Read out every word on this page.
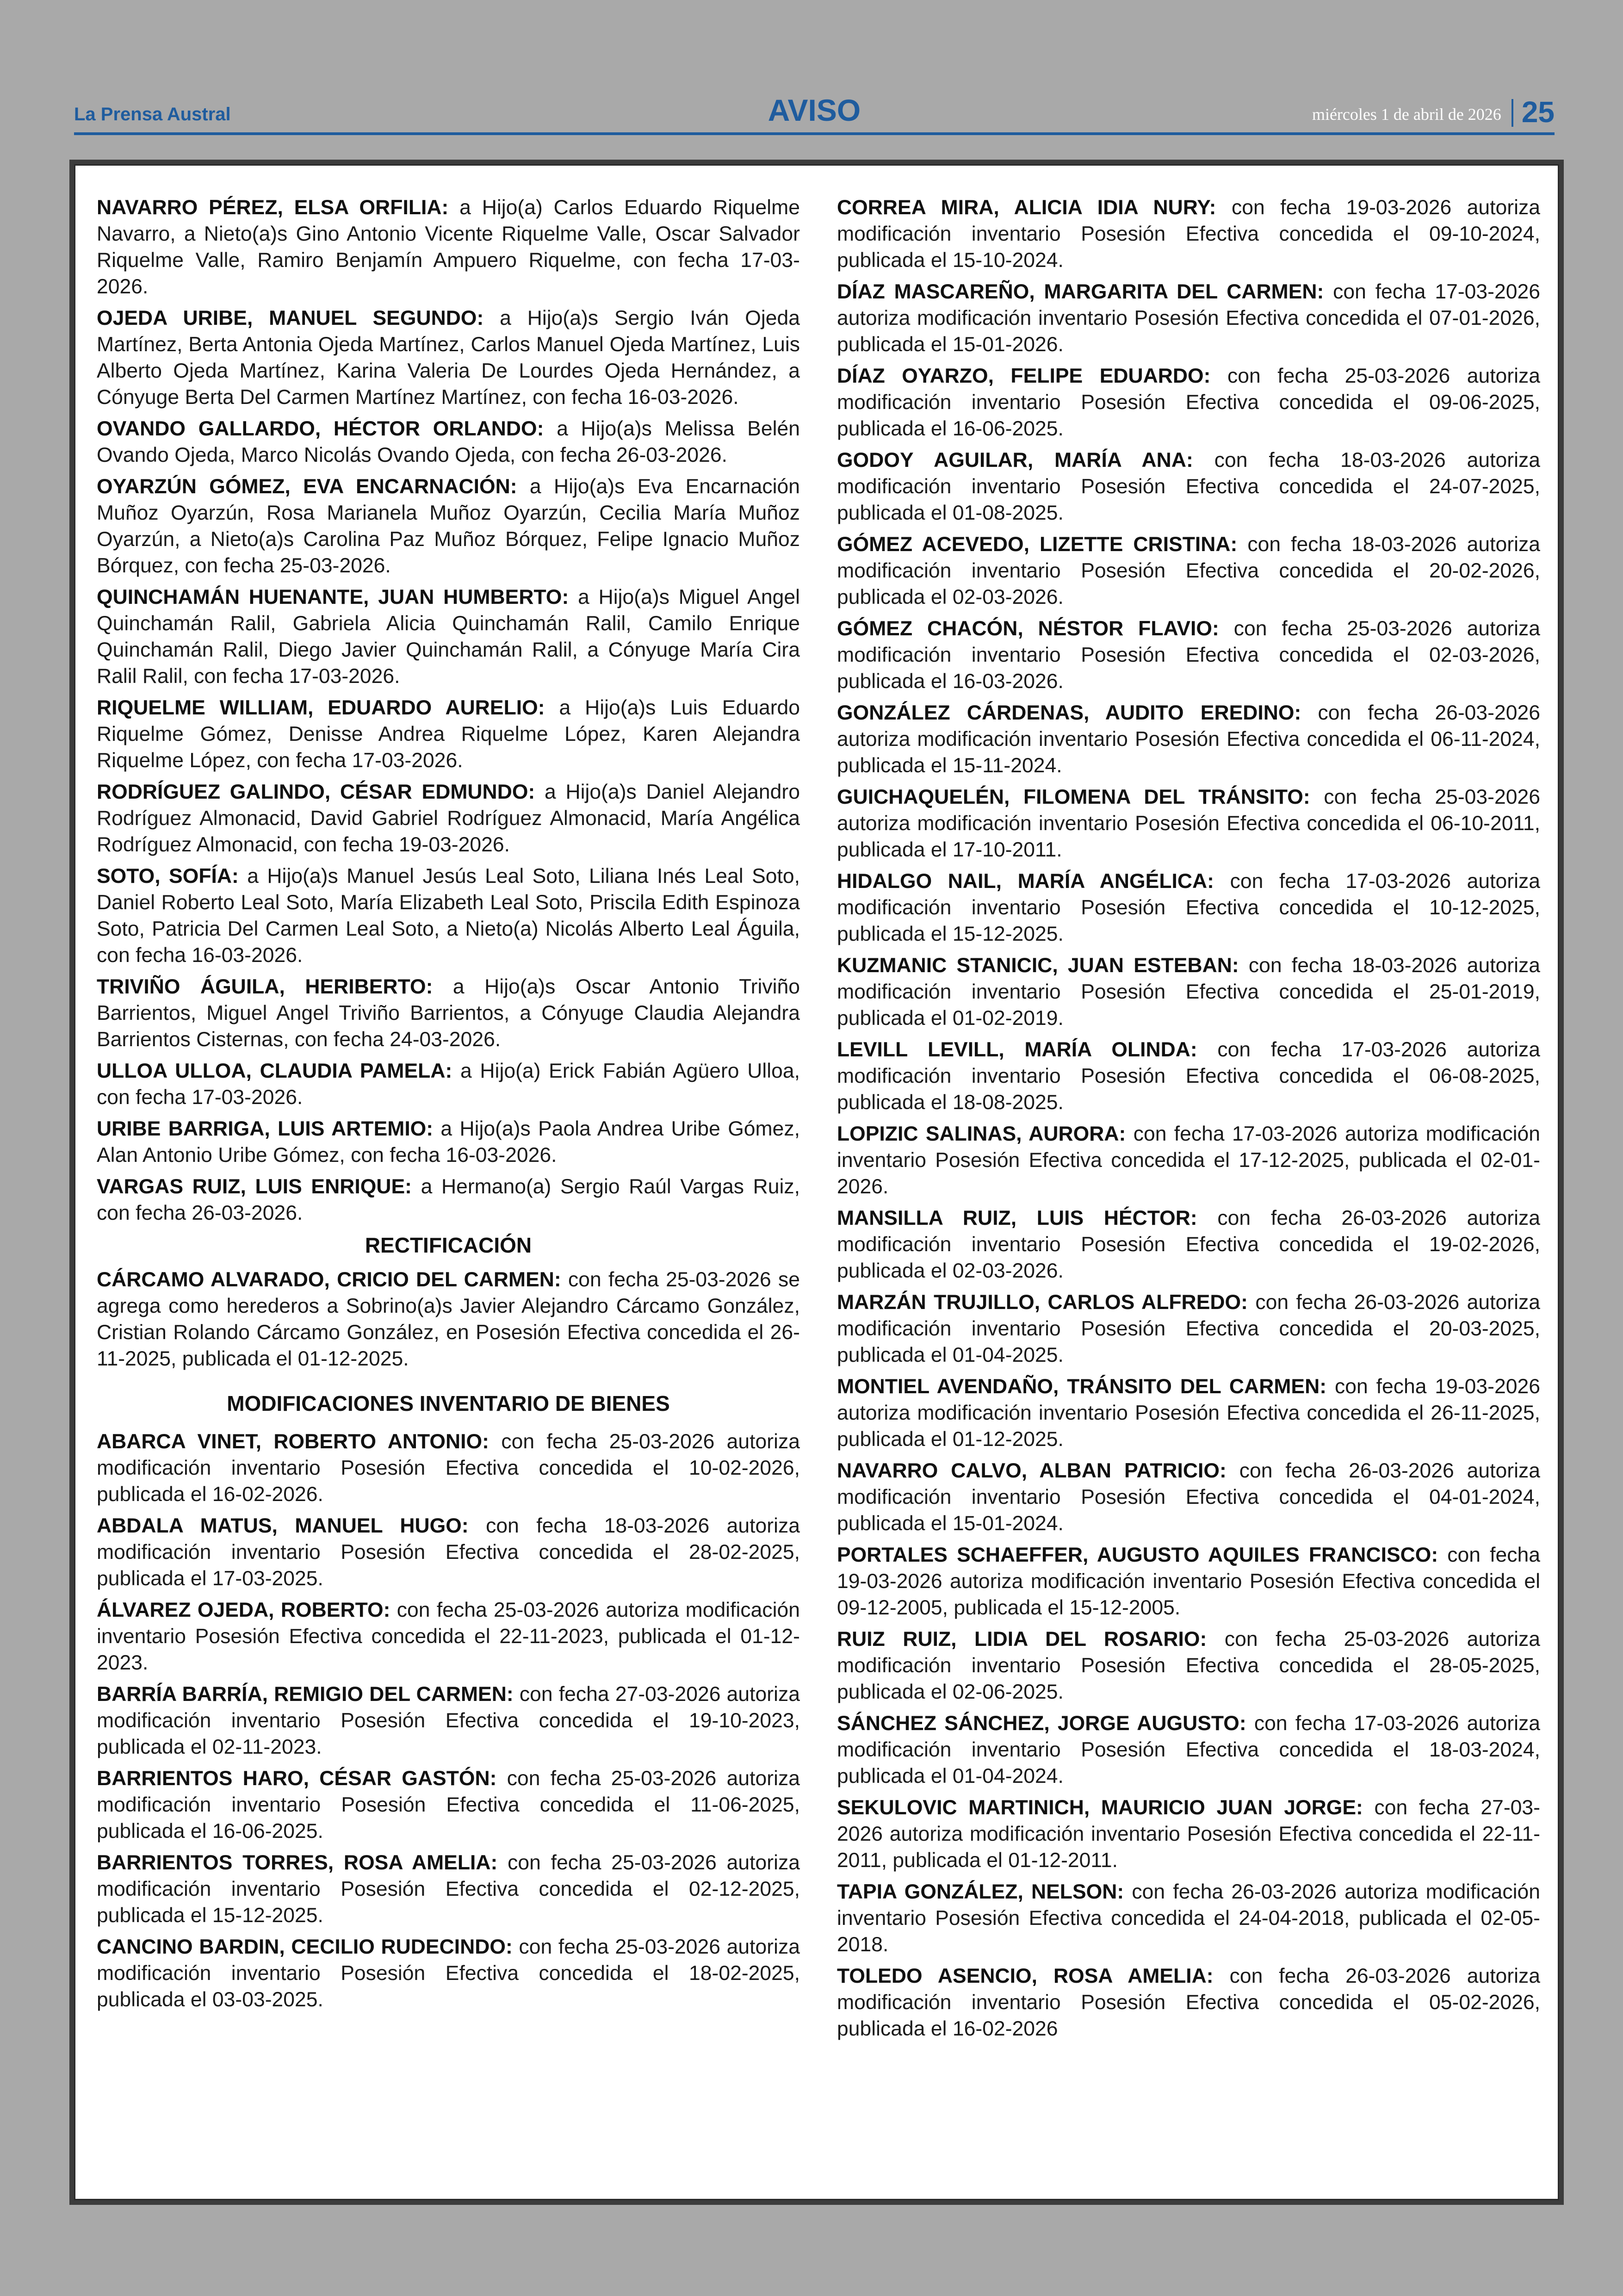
La Prensa Austral	AVISO	miércoles 1 de abril de 2026 25

NAVARRO PÉREZ, ELSA ORFILIA: a Hijo(a) Carlos Eduardo Riquelme Navarro, a Nieto(a)s Gino Antonio Vicente Riquelme Valle, Oscar Salvador Riquelme Valle, Ramiro Benjamín Ampuero Riquelme, con fecha 17-03-2026.

OJEDA URIBE, MANUEL SEGUNDO: a Hijo(a)s Sergio Iván Ojeda Martínez, Berta Antonia Ojeda Martínez, Carlos Manuel Ojeda Martínez, Luis Alberto Ojeda Martínez, Karina Valeria De Lourdes Ojeda Hernández, a Cónyuge Berta Del Carmen Martínez Martínez, con fecha 16-03-2026.

OVANDO GALLARDO, HÉCTOR ORLANDO: a Hijo(a)s Melissa Belén Ovando Ojeda, Marco Nicolás Ovando Ojeda, con fecha 26-03-2026.

OYARZÚN GÓMEZ, EVA ENCARNACIÓN: a Hijo(a)s Eva Encarnación Muñoz Oyarzún, Rosa Marianela Muñoz Oyarzún, Cecilia María Muñoz Oyarzún, a Nieto(a)s Carolina Paz Muñoz Bórquez, Felipe Ignacio Muñoz Bórquez, con fecha 25-03-2026.

QUINCHAMÁN HUENANTE, JUAN HUMBERTO: a Hijo(a)s Miguel Angel Quinchamán Ralil, Gabriela Alicia Quinchamán Ralil, Camilo Enrique Quinchamán Ralil, Diego Javier Quinchamán Ralil, a Cónyuge María Cira Ralil Ralil, con fecha 17-03-2026.

RIQUELME WILLIAM, EDUARDO AURELIO: a Hijo(a)s Luis Eduardo Riquelme Gómez, Denisse Andrea Riquelme López, Karen Alejandra Riquelme López, con fecha 17-03-2026.

RODRÍGUEZ GALINDO, CÉSAR EDMUNDO: a Hijo(a)s Daniel Alejandro Rodríguez Almonacid, David Gabriel Rodríguez Almonacid, María Angélica Rodríguez Almonacid, con fecha 19-03-2026.

SOTO, SOFÍA: a Hijo(a)s Manuel Jesús Leal Soto, Liliana Inés Leal Soto, Daniel Roberto Leal Soto, María Elizabeth Leal Soto, Priscila Edith Espinoza Soto, Patricia Del Carmen Leal Soto, a Nieto(a) Nicolás Alberto Leal Águila, con fecha 16-03-2026.

TRIVIÑO ÁGUILA, HERIBERTO: a Hijo(a)s Oscar Antonio Triviño Barrientos, Miguel Angel Triviño Barrientos, a Cónyuge Claudia Alejandra Barrientos Cisternas, con fecha 24-03-2026.

ULLOA ULLOA, CLAUDIA PAMELA: a Hijo(a) Erick Fabián Agüero Ulloa, con fecha 17-03-2026.

URIBE BARRIGA, LUIS ARTEMIO: a Hijo(a)s Paola Andrea Uribe Gómez, Alan Antonio Uribe Gómez, con fecha 16-03-2026.

VARGAS RUIZ, LUIS ENRIQUE: a Hermano(a) Sergio Raúl Vargas Ruiz, con fecha 26-03-2026.

RECTIFICACIÓN

CÁRCAMO ALVARADO, CRICIO DEL CARMEN: con fecha 25-03-2026 se agrega como herederos a Sobrino(a)s Javier Alejandro Cárcamo González, Cristian Rolando Cárcamo González, en Posesión Efectiva concedida el 26-11-2025, publicada el 01-12-2025.

MODIFICACIONES INVENTARIO DE BIENES

ABARCA VINET, ROBERTO ANTONIO: con fecha 25-03-2026 autoriza modificación inventario Posesión Efectiva concedida el 10-02-2026, publicada el 16-02-2026.

ABDALA MATUS, MANUEL HUGO: con fecha 18-03-2026 autoriza modificación inventario Posesión Efectiva concedida el 28-02-2025, publicada el 17-03-2025.

ÁLVAREZ OJEDA, ROBERTO: con fecha 25-03-2026 autoriza modificación inventario Posesión Efectiva concedida el 22-11-2023, publicada el 01-12-2023.

BARRÍA BARRÍA, REMIGIO DEL CARMEN: con fecha 27-03-2026 autoriza modificación inventario Posesión Efectiva concedida el 19-10-2023, publicada el 02-11-2023.

BARRIENTOS HARO, CÉSAR GASTÓN: con fecha 25-03-2026 autoriza modificación inventario Posesión Efectiva concedida el 11-06-2025, publicada el 16-06-2025.

BARRIENTOS TORRES, ROSA AMELIA: con fecha 25-03-2026 autoriza modificación inventario Posesión Efectiva concedida el 02-12-2025, publicada el 15-12-2025.

CANCINO BARDIN, CECILIO RUDECINDO: con fecha 25-03-2026 autoriza modificación inventario Posesión Efectiva concedida el 18-02-2025, publicada el 03-03-2025.

CORREA MIRA, ALICIA IDIA NURY: con fecha 19-03-2026 autoriza modificación inventario Posesión Efectiva concedida el 09-10-2024, publicada el 15-10-2024.

DÍAZ MASCAREÑO, MARGARITA DEL CARMEN: con fecha 17-03-2026 autoriza modificación inventario Posesión Efectiva concedida el 07-01-2026, publicada el 15-01-2026.

DÍAZ OYARZO, FELIPE EDUARDO: con fecha 25-03-2026 autoriza modificación inventario Posesión Efectiva concedida el 09-06-2025, publicada el 16-06-2025.

GODOY AGUILAR, MARÍA ANA: con fecha 18-03-2026 autoriza modificación inventario Posesión Efectiva concedida el 24-07-2025, publicada el 01-08-2025.

GÓMEZ ACEVEDO, LIZETTE CRISTINA: con fecha 18-03-2026 autoriza modificación inventario Posesión Efectiva concedida el 20-02-2026, publicada el 02-03-2026.

GÓMEZ CHACÓN, NÉSTOR FLAVIO: con fecha 25-03-2026 autoriza modificación inventario Posesión Efectiva concedida el 02-03-2026, publicada el 16-03-2026.

GONZÁLEZ CÁRDENAS, AUDITO EREDINO: con fecha 26-03-2026 autoriza modificación inventario Posesión Efectiva concedida el 06-11-2024, publicada el 15-11-2024.

GUICHAQUELÉN, FILOMENA DEL TRÁNSITO: con fecha 25-03-2026 autoriza modificación inventario Posesión Efectiva concedida el 06-10-2011, publicada el 17-10-2011.

HIDALGO NAIL, MARÍA ANGÉLICA: con fecha 17-03-2026 autoriza modificación inventario Posesión Efectiva concedida el 10-12-2025, publicada el 15-12-2025.

KUZMANIC STANICIC, JUAN ESTEBAN: con fecha 18-03-2026 autoriza modificación inventario Posesión Efectiva concedida el 25-01-2019, publicada el 01-02-2019.

LEVILL LEVILL, MARÍA OLINDA: con fecha 17-03-2026 autoriza modificación inventario Posesión Efectiva concedida el 06-08-2025, publicada el 18-08-2025.

LOPIZIC SALINAS, AURORA: con fecha 17-03-2026 autoriza modificación inventario Posesión Efectiva concedida el 17-12-2025, publicada el 02-01-2026.

MANSILLA RUIZ, LUIS HÉCTOR: con fecha 26-03-2026 autoriza modificación inventario Posesión Efectiva concedida el 19-02-2026, publicada el 02-03-2026.

MARZÁN TRUJILLO, CARLOS ALFREDO: con fecha 26-03-2026 autoriza modificación inventario Posesión Efectiva concedida el 20-03-2025, publicada el 01-04-2025.

MONTIEL AVENDAÑO, TRÁNSITO DEL CARMEN: con fecha 19-03-2026 autoriza modificación inventario Posesión Efectiva concedida el 26-11-2025, publicada el 01-12-2025.

NAVARRO CALVO, ALBAN PATRICIO: con fecha 26-03-2026 autoriza modificación inventario Posesión Efectiva concedida el 04-01-2024, publicada el 15-01-2024.

PORTALES SCHAEFFER, AUGUSTO AQUILES FRANCISCO: con fecha 19-03-2026 autoriza modificación inventario Posesión Efectiva concedida el 09-12-2005, publicada el 15-12-2005.

RUIZ RUIZ, LIDIA DEL ROSARIO: con fecha 25-03-2026 autoriza modificación inventario Posesión Efectiva concedida el 28-05-2025, publicada el 02-06-2025.

SÁNCHEZ SÁNCHEZ, JORGE AUGUSTO: con fecha 17-03-2026 autoriza modificación inventario Posesión Efectiva concedida el 18-03-2024, publicada el 01-04-2024.

SEKULOVIC MARTINICH, MAURICIO JUAN JORGE: con fecha 27-03-2026 autoriza modificación inventario Posesión Efectiva concedida el 22-11-2011, publicada el 01-12-2011.

TAPIA GONZÁLEZ, NELSON: con fecha 26-03-2026 autoriza modificación inventario Posesión Efectiva concedida el 24-04-2018, publicada el 02-05-2018.

TOLEDO ASENCIO, ROSA AMELIA: con fecha 26-03-2026 autoriza modificación inventario Posesión Efectiva concedida el 05-02-2026, publicada el 16-02-2026
